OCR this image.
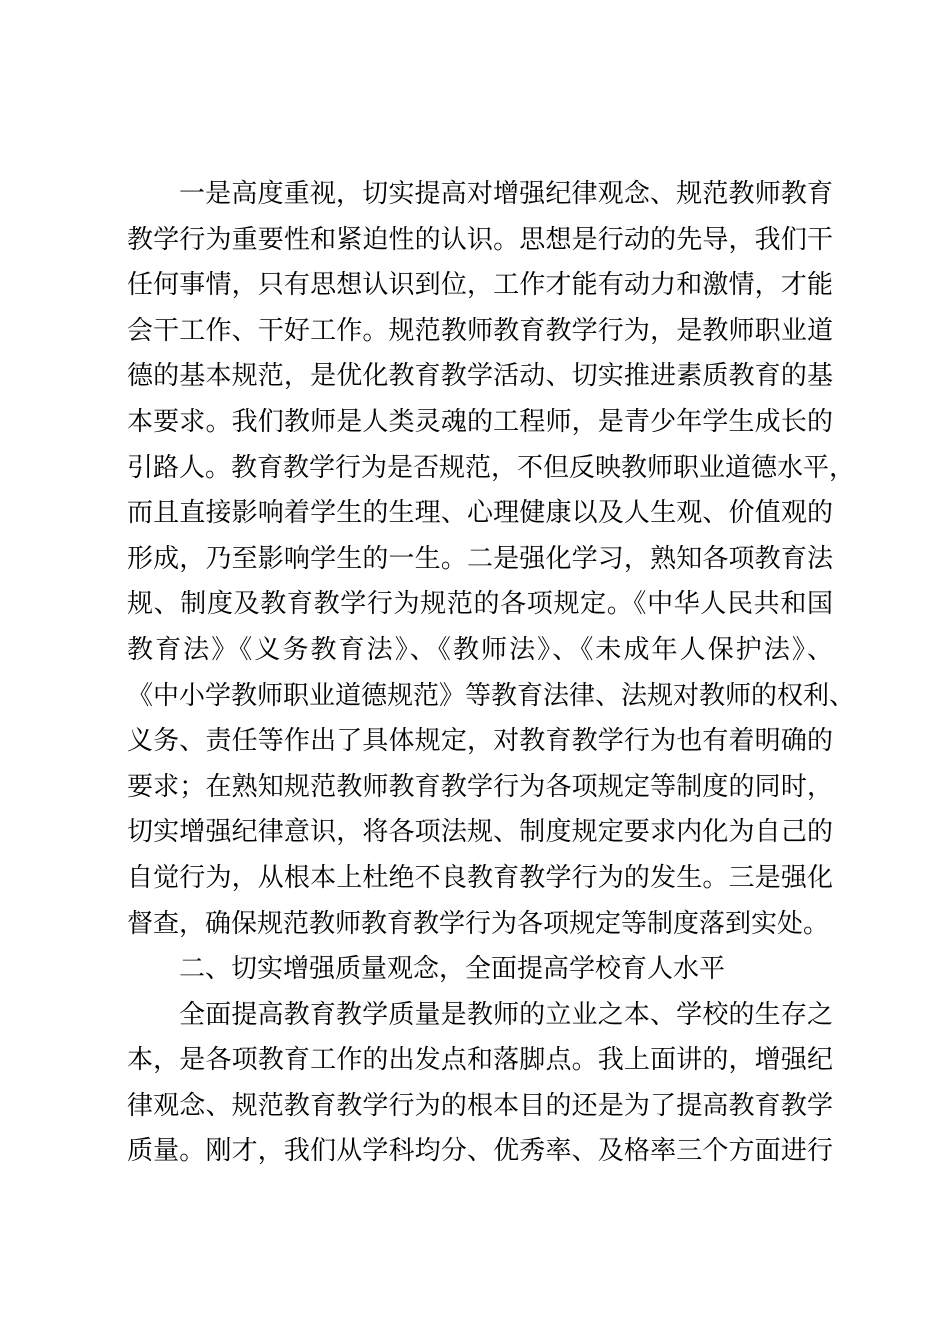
一是高度重视，切实提高对增强纪律观念、规范教师教育
教学行为重要性和紧迫性的认识。思想是行动的先导，我们干
任何事情，只有思想认识到位，工作才能有动力和激情，才能
会干工作、干好工作。规范教师教育教学行为，是教师职业道
德的基本规范，是优化教育教学活动、切实推进素质教育的基
本要求。我们教师是人类灵魂的工程师，是青少年学生成长的
引路人。教育教学行为是否规范，不但反映教师职业道德水平，
而且直接影响着学生的生理、心理健康以及人生观、价值观的
形成，乃至影响学生的一生。二是强化学习，熟知各项教育法
规、制度及教育教学行为规范的各项规定。《中华人民共和国
教育法》《义务教育法》、《教师法》、《未成年人保护法》、
《中小学教师职业道德规范》等教育法律、法规对教师的权利、
义务、责任等作出了具体规定，对教育教学行为也有着明确的
要求；在熟知规范教师教育教学行为各项规定等制度的同时，
切实增强纪律意识，将各项法规、制度规定要求内化为自己的
自觉行为，从根本上杜绝不良教育教学行为的发生。三是强化
督查，确保规范教师教育教学行为各项规定等制度落到实处。
二、切实增强质量观念，全面提高学校育人水平
全面提高教育教学质量是教师的立业之本、学校的生存之
本，是各项教育工作的出发点和落脚点。我上面讲的，增强纪
律观念、规范教育教学行为的根本目的还是为了提高教育教学
质量。刚才，我们从学科均分、优秀率、及格率三个方面进行
